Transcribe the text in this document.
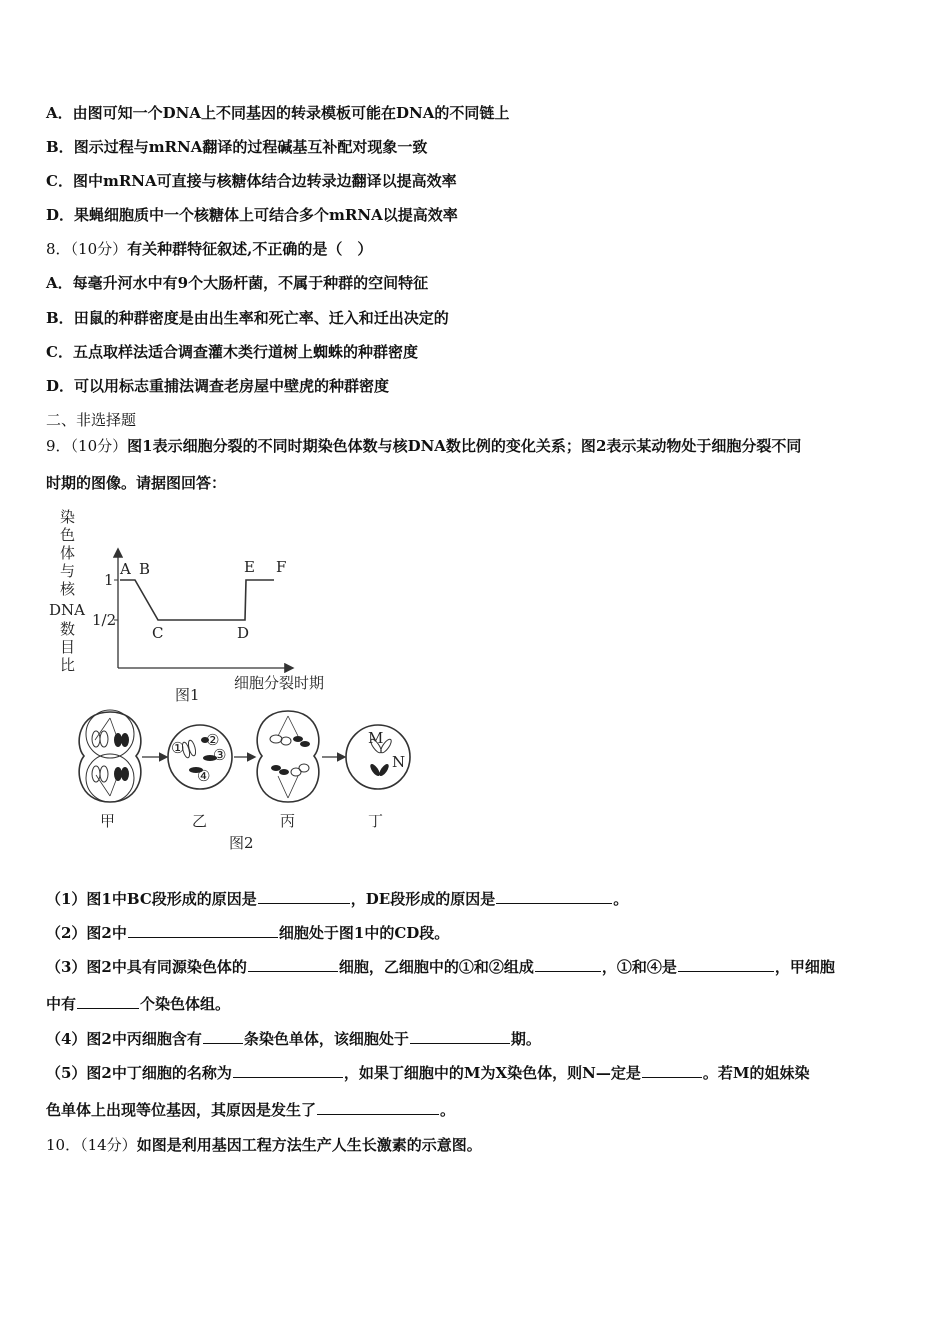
A．由图可知一个DNA上不同基因的转录模板可能在DNA的不同链上
B．图示过程与mRNA翻译的过程碱基互补配对现象一致
C．图中mRNA可直接与核糖体结合边转录边翻译以提高效率
D．果蝇细胞质中一个核糖体上可结合多个mRNA以提高效率
8．（10分）有关种群特征叙述,不正确的是（　）
A．每毫升河水中有9个大肠杆菌，不属于种群的空间特征
B．田鼠的种群密度是由出生率和死亡率、迁入和迁出决定的
C．五点取样法适合调查灌木类行道树上蜘蛛的种群密度
D．可以用标志重捕法调查老房屋中壁虎的种群密度
二、非选择题
9．（10分）图1表示细胞分裂的不同时期染色体数与核DNA数比例的变化关系；图2表示某动物处于细胞分裂不同
时期的图像。请据图回答：
染
色
体
与
核
DNA
数
目
比
1
1/2
A B
C	D
E F
细胞分裂时期
图1
① ②
③
④
M
N
甲	乙	丙	丁
图2
（1）图1中BC段形成的原因是	，DE段形成的原因是	。
（2）图2中	细胞处于图1中的CD段。
（3）图2中具有同源染色体的	细胞，乙细胞中的①和②组成	，①和④是	，甲细胞
中有	个染色体组。
（4）图2中丙细胞含有	条染色单体，该细胞处于	期。
（5）图2中丁细胞的名称为	，如果丁细胞中的M为X染色体，则N—定是	。若M的姐妹染
色单体上出现等位基因，其原因是发生了	。
10．（14分）如图是利用基因工程方法生产人生长激素的示意图。
